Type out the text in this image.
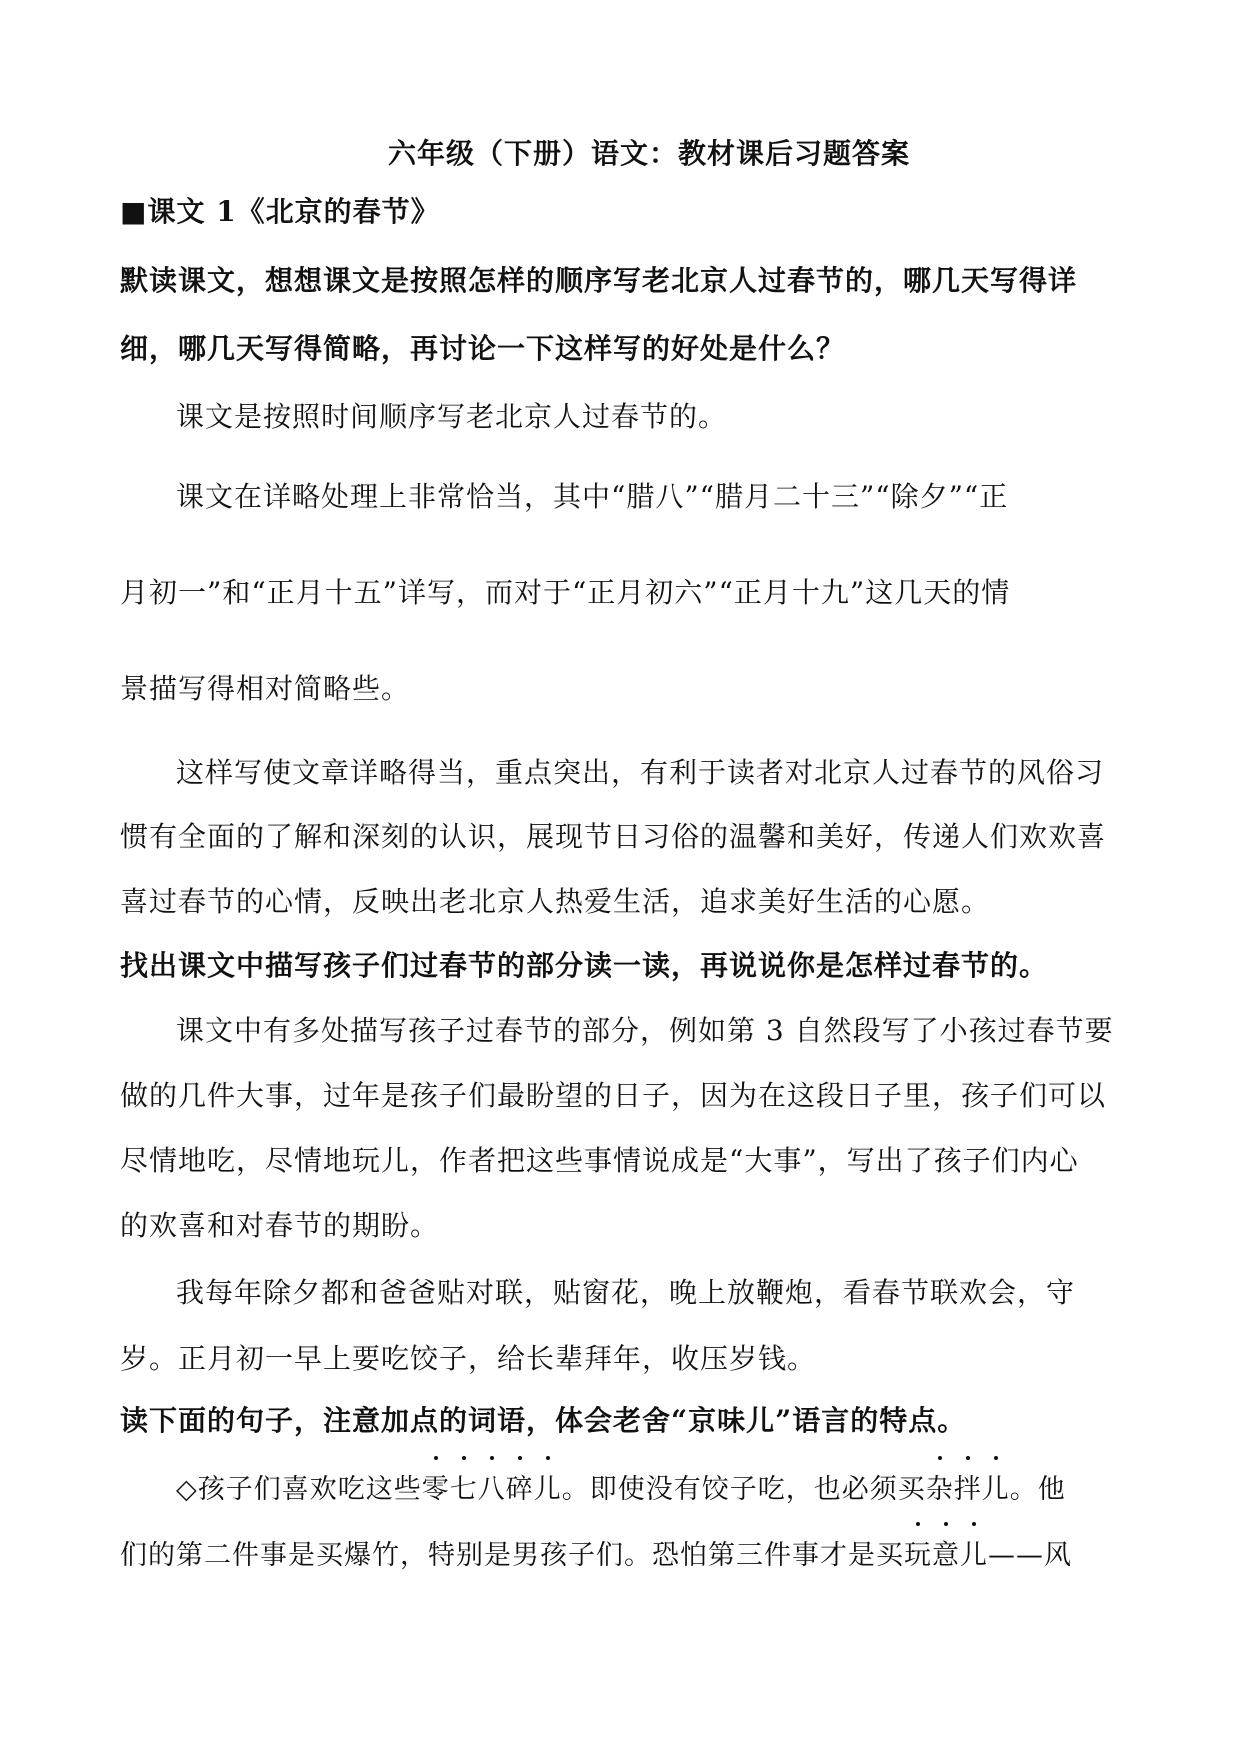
六年级（下册）语文：教材课后习题答案
■课文 1《北京的春节》
默读课文，想想课文是按照怎样的顺序写老北京人过春节的，哪几天写得详
细，哪几天写得简略，再讨论一下这样写的好处是什么？
课文是按照时间顺序写老北京人过春节的。
课文在详略处理上非常恰当，其中“腊八”“腊月二十三”“除夕”“正
月初一”和“正月十五”详写，而对于“正月初六”“正月十九”这几天的情
景描写得相对简略些。
这样写使文章详略得当，重点突出，有利于读者对北京人过春节的风俗习
惯有全面的了解和深刻的认识，展现节日习俗的温馨和美好，传递人们欢欢喜
喜过春节的心情，反映出老北京人热爱生活，追求美好生活的心愿。
找出课文中描写孩子们过春节的部分读一读，再说说你是怎样过春节的。
课文中有多处描写孩子过春节的部分，例如第 3 自然段写了小孩过春节要
做的几件大事，过年是孩子们最盼望的日子，因为在这段日子里，孩子们可以
尽情地吃，尽情地玩儿，作者把这些事情说成是“大事”，写出了孩子们内心
的欢喜和对春节的期盼。
我每年除夕都和爸爸贴对联，贴窗花，晚上放鞭炮，看春节联欢会，守
岁。正月初一早上要吃饺子，给长辈拜年，收压岁钱。
读下面的句子，注意加点的词语，体会老舍“京味儿”语言的特点。
◇孩子们喜欢吃这些
零七八碎儿。即使没有饺子吃，也必须买
杂拌儿。他
们的第二件事是买爆竹，特别是男孩子们。恐怕第三件事才是买
玩意儿——风
